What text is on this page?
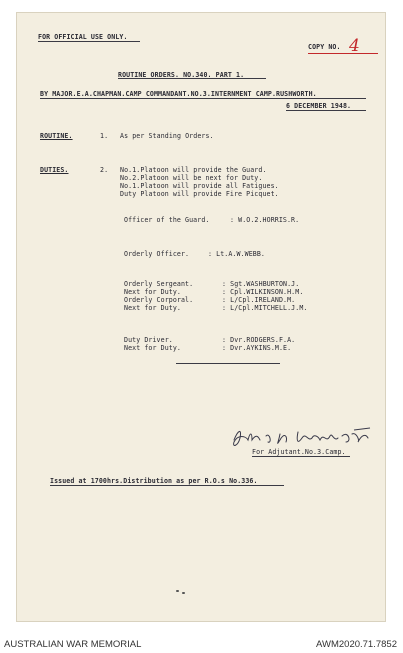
FOR OFFICIAL USE ONLY.
COPY NO. 4
ROUTINE ORDERS. NO.340. PART 1.
BY MAJOR.E.A.CHAPMAN.CAMP COMMANDANT.NO.3.INTERNMENT CAMP.RUSHWORTH.
6 DECEMBER 1948.
ROUTINE.	1. As per Standing Orders.
DUTIES.	2. No.1.Platoon will provide the Guard.
No.2.Platoon will be next for Duty.
No.1.Platoon will provide all Fatigues.
Duty Platoon will provide Fire Picquet.
Officer of the Guard.	: W.O.2.HORRIS.R.
Orderly Officer.	: Lt.A.W.WEBB.
Orderly Sergeant.	: Sgt.WASHBURTON.J.
Next for Duty.	: Cpl.WILKINSON.H.M.
Orderly Corporal.	: L/Cpl.IRELAND.M.
Next for Duty.	: L/Cpl.MITCHELL.J.M.
Duty Driver.	: Dvr.RODGERS.F.A.
Next for Duty.	: Dvr.AYKINS.M.E.
For Adjutant.No.3.Camp.
Issued at 1700hrs.Distribution as per R.O.s No.336.
AUSTRALIAN WAR MEMORIAL	AWM2020.71.7852
